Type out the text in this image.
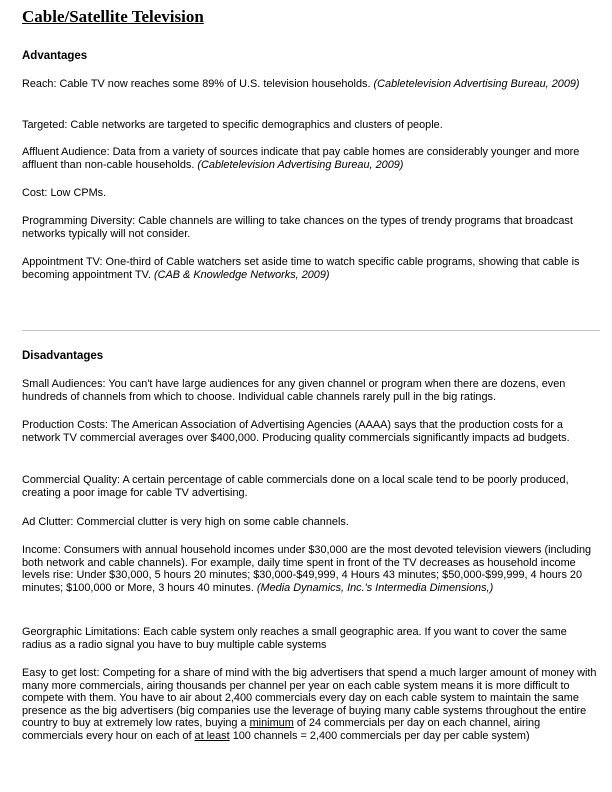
Cable/Satellite Television
Advantages

Reach: Cable TV now reaches some 89% of U.S. television households. (Cabletelevision Advertising Bureau, 2009)

Targeted: Cable networks are targeted to specific demographics and clusters of people.

Affluent Audience: Data from a variety of sources indicate that pay cable homes are considerably younger and more affluent than non-cable households. (Cabletelevision Advertising Bureau, 2009)

Cost: Low CPMs.

Programming Diversity: Cable channels are willing to take chances on the types of trendy programs that broadcast networks typically will not consider.

Appointment TV: One-third of Cable watchers set aside time to watch specific cable programs, showing that cable is becoming appointment TV. (CAB & Knowledge Networks, 2009)

Disadvantages

Small Audiences: You can't have large audiences for any given channel or program when there are dozens, even hundreds of channels from which to choose. Individual cable channels rarely pull in the big ratings.

Production Costs: The American Association of Advertising Agencies (AAAA) says that the production costs for a network TV commercial averages over $400,000. Producing quality commercials significantly impacts ad budgets.

Commercial Quality: A certain percentage of cable commercials done on a local scale tend to be poorly produced, creating a poor image for cable TV advertising.

Ad Clutter: Commercial clutter is very high on some cable channels.

Income: Consumers with annual household incomes under $30,000 are the most devoted television viewers (including both network and cable channels). For example, daily time spent in front of the TV decreases as household income levels rise: Under $30,000, 5 hours 20 minutes; $30,000-$49,999, 4 Hours 43 minutes; $50,000-$99,999, 4 hours 20 minutes; $100,000 or More, 3 hours 40 minutes. (Media Dynamics, Inc.'s Intermedia Dimensions,)

Georgraphic Limitations: Each cable system only reaches a small geographic area. If you want to cover the same radius as a radio signal you have to buy multiple cable systems

Easy to get lost: Competing for a share of mind with the big advertisers that spend a much larger amount of money with many more commercials, airing thousands per channel per year on each cable system means it is more difficult to compete with them. You have to air about 2,400 commercials every day on each cable system to maintain the same presence as the big advertisers (big companies use the leverage of buying many cable systems throughout the entire country to buy at extremely low rates, buying a minimum of 24 commercials per day on each channel, airing commercials every hour on each of at least 100 channels = 2,400 commercials per day per cable system)
